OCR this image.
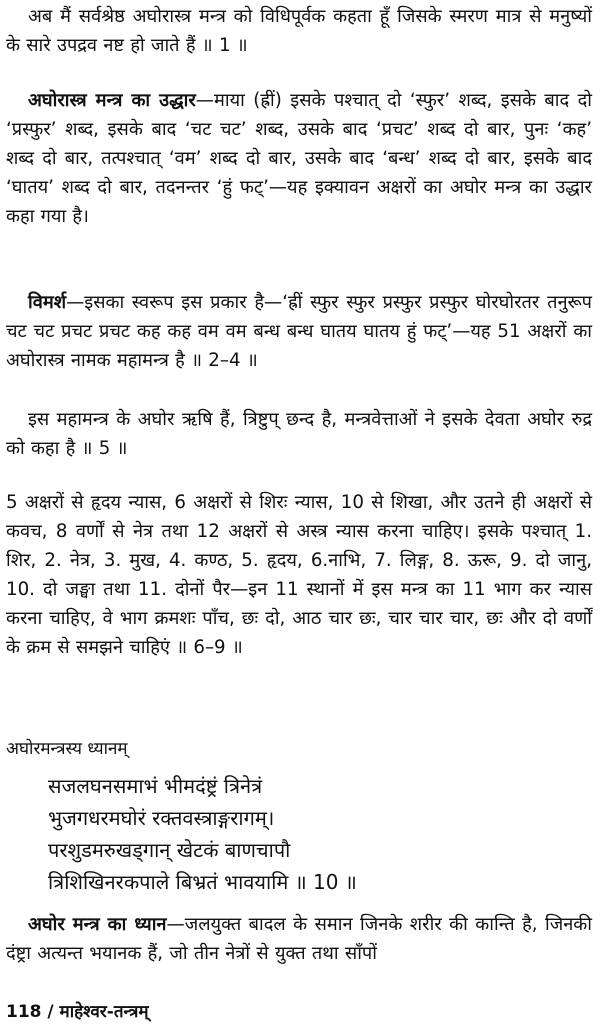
अब मैं सर्वश्रेष्ठ अघोरास्त्र मन्त्र को विधिपूर्वक कहता हूँ जिसके स्मरण मात्र से मनुष्यों के सारे उपद्रव नष्ट हो जाते हैं ॥ 1 ॥

अघोरास्त्र मन्त्र का उद्धार—माया (ह्रीं) इसके पश्चात् दो ‘स्फुर’ शब्द, इसके बाद दो ‘प्रस्फुर’ शब्द, इसके बाद ‘चट चट’ शब्द, उसके बाद ‘प्रचट’ शब्द दो बार, पुनः ‘कह’ शब्द दो बार, तत्पश्चात् ‘वम’ शब्द दो बार, उसके बाद ‘बन्ध’ शब्द दो बार, इसके बाद ‘घातय’ शब्द दो बार, तदनन्तर ‘हुं फट्’—यह इक्यावन अक्षरों का अघोर मन्त्र का उद्धार कहा गया है।

विमर्श—इसका स्वरूप इस प्रकार है—‘ह्रीं स्फुर स्फुर प्रस्फुर प्रस्फुर घोरघोरतर तनुरूप चट चट प्रचट प्रचट कह कह वम वम बन्ध बन्ध घातय घातय हुं फट्’—यह 51 अक्षरों का अघोरास्त्र नामक महामन्त्र है ॥ 2–4 ॥

इस महामन्त्र के अघोर ऋषि हैं, त्रिष्टुप् छन्द है, मन्त्रवेत्ताओं ने इसके देवता अघोर रुद्र को कहा है ॥ 5 ॥

5 अक्षरों से हृदय न्यास, 6 अक्षरों से शिरः न्यास, 10 से शिखा, और उतने ही अक्षरों से कवच, 8 वर्णों से नेत्र तथा 12 अक्षरों से अस्त्र न्यास करना चाहिए। इसके पश्चात् 1. शिर, 2. नेत्र, 3. मुख, 4. कण्ठ, 5. हृदय, 6.नाभि, 7. लिङ्ग, 8. ऊरू, 9. दो जानु, 10. दो जङ्घा तथा 11. दोनों पैर—इन 11 स्थानों में इस मन्त्र का 11 भाग कर न्यास करना चाहिए, वे भाग क्रमशः पाँच, छः दो, आठ चार छः, चार चार चार, छः और दो वर्णों के क्रम से समझने चाहिएं ॥ 6–9 ॥

अघोरमन्त्रस्य ध्यानम्

सजलघनसमाभं भीमदंष्ट्रं त्रिनेत्रं
भुजगधरमघोरं रक्तवस्त्राङ्गरागम्।
परशुडमरुखड्गान् खेटकं बाणचापौ
त्रिशिखिनरकपाले बिभ्रतं भावयामि ॥ 10 ॥

अघोर मन्त्र का ध्यान—जलयुक्त बादल के समान जिनके शरीर की कान्ति है, जिनकी दंष्ट्रा अत्यन्त भयानक हैं, जो तीन नेत्रों से युक्त तथा साँपों

118 / माहेश्वर-तन्त्रम्
